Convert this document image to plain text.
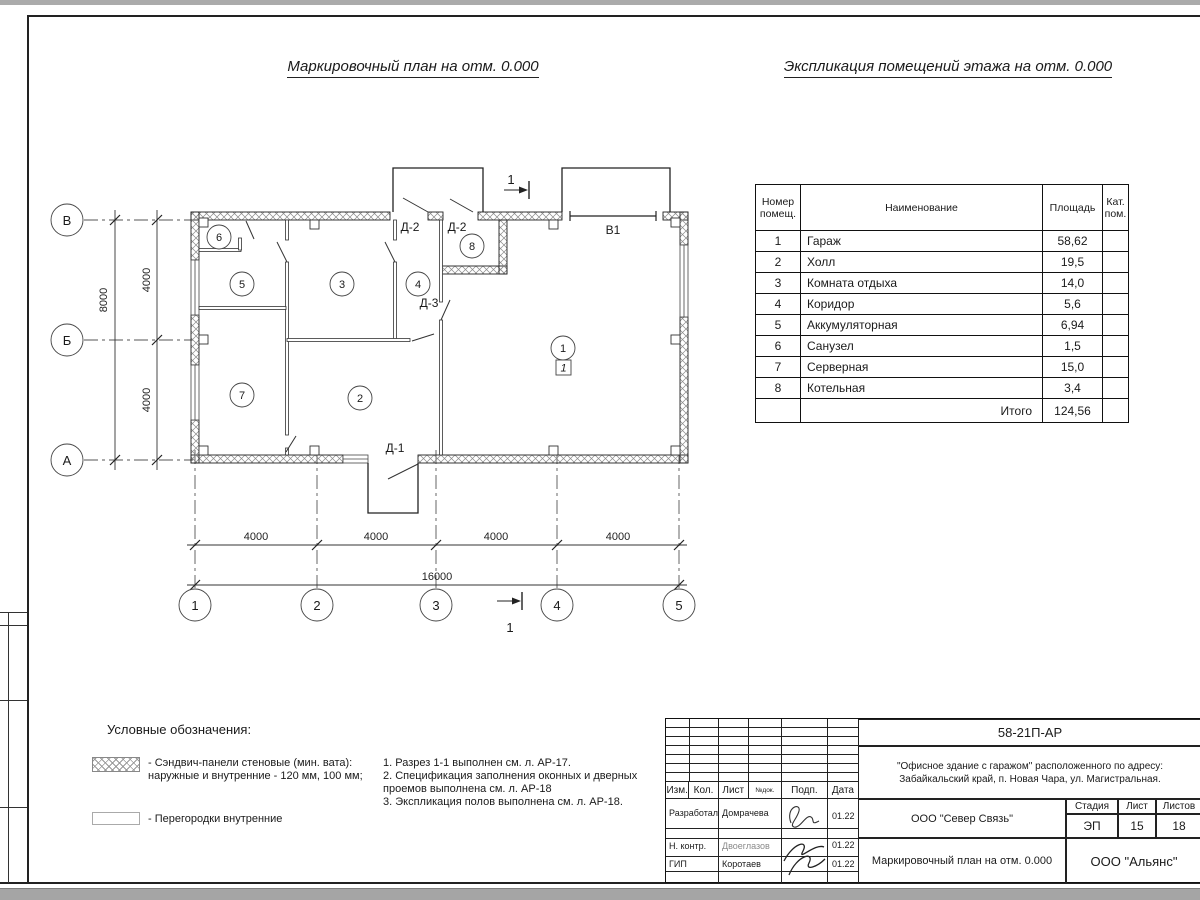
Маркировочный план на отм. 0.000	Экспликация помещений этажа на отм. 0.000
8000
4000
4000
4000	4000	4000	4000
16000
В
Б
А
1	2	3	4	5
1
2
3	4
5
6
7
8
1
Д-2 Д-2
Д-3
Д-1
В1
1
1
Номер помещ.	Наименование	Площадь	Кат. пом.
1	Гараж	58,62	
2	Холл	19,5	
3	Комната отдыха	14,0	
4	Коридор	5,6	
5	Аккумуляторная	6,94	
6	Санузел	1,5	
7	Серверная	15,0	
8	Котельная	3,4	
	Итого	124,56	
Условные обозначения:
- Сэндвич-панели стеновые (мин. вата):
наружные и внутренние - 120 мм, 100 мм;
- Перегородки внутренние
1. Разрез 1-1 выполнен см. л. АР-17.
2. Спецификация заполнения оконных и дверных
проемов выполнена см. л. АР-18
3. Экспликация полов выполнена см. л. АР-18.
Изм. Кол. Лист	№док.	Подп.	Дата
Разработал Домрачева	01.22
Н. контр. Двоеглазов	01.22
ГИП	Коротаев	01.22
58-21П-АР
"Офисное здание с гаражом" расположенного по адресу:
Забайкальский край, п. Новая Чара, ул. Магистральная.
ООО "Север Связь"
Маркировочный план на отм. 0.000
Стадия	Лист	Листов
ЭП	15	18
ООО "Альянс"
